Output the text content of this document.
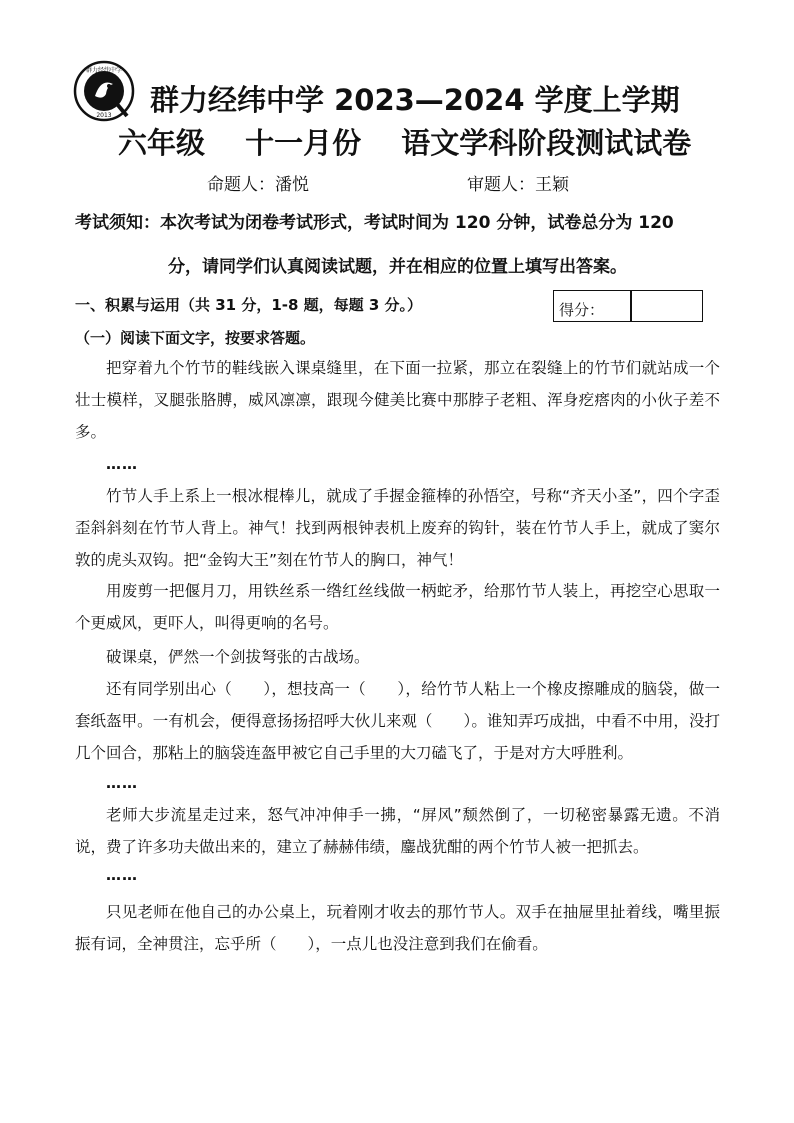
群力经纬中学
2013 群力经纬中学 2023—2024 学度上学期
六年级 十一月份 语文学科阶段测试试卷
命题人：潘悦	审题人：王颖
考试须知：本次考试为闭卷考试形式，考试时间为 120 分钟，试卷总分为 120
分，请同学们认真阅读试题，并在相应的位置上填写出答案。
一、积累与运用（共 31 分，1-8 题，每题 3 分。）	得分：
（一）阅读下面文字，按要求答题。
把穿着九个竹节的鞋线嵌入课桌缝里，在下面一拉紧，那立在裂缝上的竹节们就站成一个壮士模样，叉腿张胳膊，威风凛凛，跟现今健美比赛中那脖子老粗、浑身疙瘩肉的小伙子差不多。
……
竹节人手上系上一根冰棍棒儿，就成了手握金箍棒的孙悟空，号称“齐天小圣”，四个字歪歪斜斜刻在竹节人背上。神气！找到两根钟表机上废弃的钩针，装在竹节人手上，就成了窦尔敦的虎头双钩。把“金钩大王”刻在竹节人的胸口，神气！
用废剪一把偃月刀，用铁丝系一绺红丝线做一柄蛇矛，给那竹节人装上，再挖空心思取一个更威风，更吓人，叫得更响的名号。
破课桌，俨然一个剑拔弩张的古战场。
还有同学别出心（　　），想技高一（　　），给竹节人粘上一个橡皮擦雕成的脑袋，做一套纸盔甲。一有机会，便得意扬扬招呼大伙儿来观（　　）。谁知弄巧成拙，中看不中用，没打几个回合，那粘上的脑袋连盔甲被它自己手里的大刀磕飞了，于是对方大呼胜利。
……
老师大步流星走过来，怒气冲冲伸手一拂，“屏风”颓然倒了，一切秘密暴露无遗。不消说，费了许多功夫做出来的，建立了赫赫伟绩，鏖战犹酣的两个竹节人被一把抓去。
……
只见老师在他自己的办公桌上，玩着刚才收去的那竹节人。双手在抽屉里扯着线，嘴里振振有词，全神贯注，忘乎所（　　），一点儿也没注意到我们在偷看。
